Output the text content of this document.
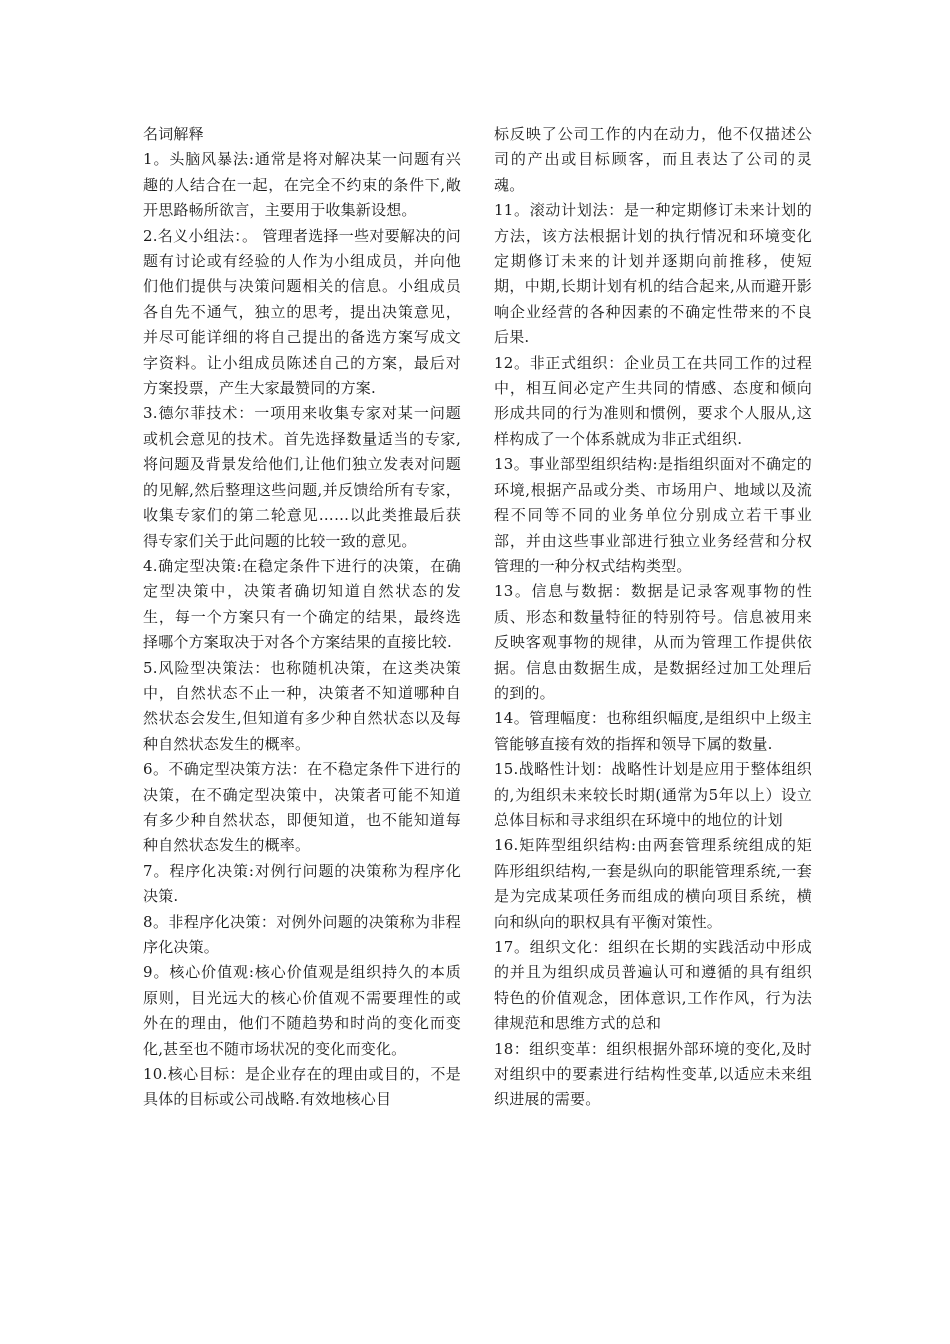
名词解释

1。头脑风暴法:通常是将对解决某一问题有兴趣的人结合在一起，在完全不约束的条件下,敞开思路畅所欲言，主要用于收集新设想。

2.名义小组法：。 管理者选择一些对要解决的问题有讨论或有经验的人作为小组成员，并向他们他们提供与决策问题相关的信息。小组成员各自先不通气，独立的思考，提出决策意见，并尽可能详细的将自己提出的备选方案写成文字资料。让小组成员陈述自己的方案，最后对方案投票，产生大家最赞同的方案.

3.德尔菲技术：一项用来收集专家对某一问题或机会意见的技术。首先选择数量适当的专家,将问题及背景发给他们,让他们独立发表对问题的见解,然后整理这些问题,并反馈给所有专家，收集专家们的第二轮意见……以此类推最后获得专家们关于此问题的比较一致的意见。

4.确定型决策:在稳定条件下进行的决策，在确定型决策中，决策者确切知道自然状态的发生，每一个方案只有一个确定的结果，最终选择哪个方案取决于对各个方案结果的直接比较.

5.风险型决策法：也称随机决策，在这类决策中，自然状态不止一种，决策者不知道哪种自然状态会发生,但知道有多少种自然状态以及每种自然状态发生的概率。

6。不确定型决策方法：在不稳定条件下进行的决策，在不确定型决策中，决策者可能不知道有多少种自然状态，即便知道，也不能知道每种自然状态发生的概率。

7。程序化决策:对例行问题的决策称为程序化决策.

8。非程序化决策：对例外问题的决策称为非程序化决策。

9。核心价值观:核心价值观是组织持久的本质原则，目光远大的核心价值观不需要理性的或外在的理由，他们不随趋势和时尚的变化而变化,甚至也不随市场状况的变化而变化。

10.核心目标：是企业存在的理由或目的，不是具体的目标或公司战略.有效地核心目

标反映了公司工作的内在动力，他不仅描述公司的产出或目标顾客，而且表达了公司的灵魂。

11。滚动计划法：是一种定期修订未来计划的方法，该方法根据计划的执行情况和环境变化定期修订未来的计划并逐期向前推移，使短期，中期,长期计划有机的结合起来,从而避开影响企业经营的各种因素的不确定性带来的不良后果.

12。非正式组织：企业员工在共同工作的过程中，相互间必定产生共同的情感、态度和倾向形成共同的行为准则和惯例，要求个人服从,这样构成了一个体系就成为非正式组织.

13。事业部型组织结构:是指组织面对不确定的环境,根据产品或分类、市场用户、地域以及流程不同等不同的业务单位分别成立若干事业部，并由这些事业部进行独立业务经营和分权管理的一种分权式结构类型。

13。信息与数据：数据是记录客观事物的性质、形态和数量特征的特别符号。信息被用来反映客观事物的规律，从而为管理工作提供依据。信息由数据生成，是数据经过加工处理后的到的。

14。管理幅度：也称组织幅度,是组织中上级主管能够直接有效的指挥和领导下属的数量.

15.战略性计划：战略性计划是应用于整体组织的,为组织未来较长时期(通常为5年以上）设立总体目标和寻求组织在环境中的地位的计划

16.矩阵型组织结构:由两套管理系统组成的矩阵形组织结构,一套是纵向的职能管理系统,一套是为完成某项任务而组成的横向项目系统，横向和纵向的职权具有平衡对策性。

17。组织文化：组织在长期的实践活动中形成的并且为组织成员普遍认可和遵循的具有组织特色的价值观念，团体意识,工作作风，行为法律规范和思维方式的总和

18：组织变革：组织根据外部环境的变化,及时对组织中的要素进行结构性变革,以适应未来组织进展的需要。
